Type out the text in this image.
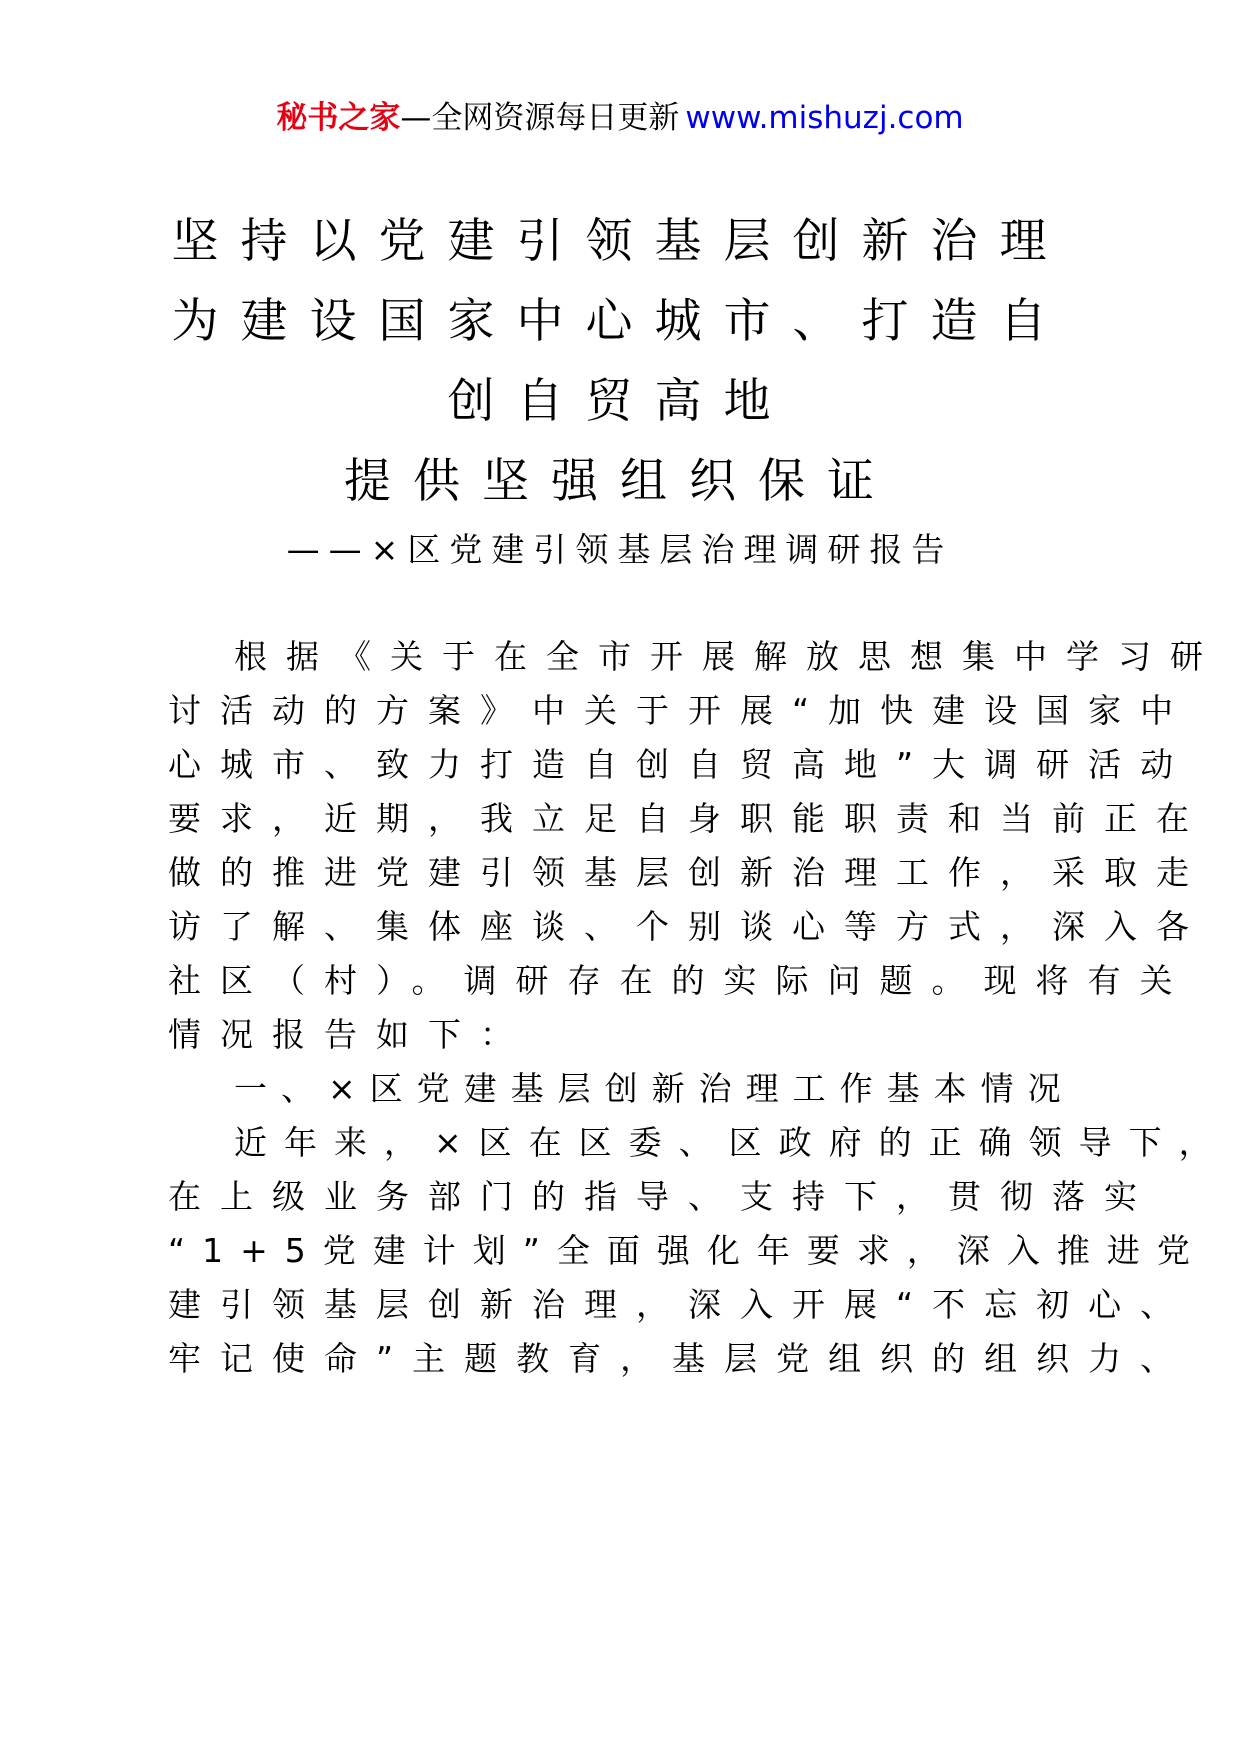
秘书之家—全网资源每日更新 www.mishuzj.com
坚持以党建引领基层创新治理
为建设国家中心城市、打造自
创自贸高地
提供坚强组织保证
——×区党建引领基层治理调研报告
根据《关于在全市开展解放思想集中学习研
讨活动的方案》中关于开展“加快建设国家中
心城市、致力打造自创自贸高地”大调研活动
要求，近期，我立足自身职能职责和当前正在
做的推进党建引领基层创新治理工作，采取走
访了解、集体座谈、个别谈心等方式，深入各
社区（村）。调研存在的实际问题。现将有关
情况报告如下：
一、×区党建基层创新治理工作基本情况
近年来，×区在区委、区政府的正确领导下，
在上级业务部门的指导、支持下，贯彻落实
“1+5党建计划”全面强化年要求，深入推进党
建引领基层创新治理，深入开展“不忘初心、
牢记使命”主题教育，基层党组织的组织力、
